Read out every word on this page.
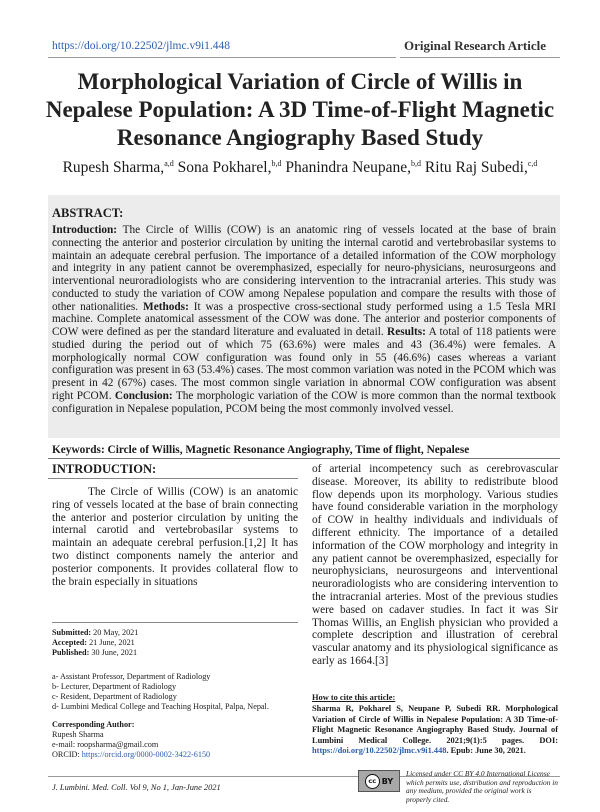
https://doi.org/10.22502/jlmc.v9i1.448	Original Research Article
Morphological Variation of Circle of Willis in Nepalese Population: A 3D Time-of-Flight Magnetic Resonance Angiography Based Study
Rupesh Sharma,$^{a,d}$ Sona Pokharel,$^{b,d}$ Phanindra Neupane,$^{b,d}$ Ritu Raj Subedi,$^{c,d}$
ABSTRACT:
Introduction: The Circle of Willis (COW) is an anatomic ring of vessels located at the base of brain connecting the anterior and posterior circulation by uniting the internal carotid and vertebrobasilar systems to maintain an adequate cerebral perfusion. The importance of a detailed information of the COW morphology and integrity in any patient cannot be overemphasized, especially for neuro-physicians, neurosurgeons and interventional neuroradiologists who are considering intervention to the intracranial arteries. This study was conducted to study the variation of COW among Nepalese population and compare the results with those of other nationalities. Methods: It was a prospective cross-sectional study performed using a 1.5 Tesla MRI machine. Complete anatomical assessment of the COW was done. The anterior and posterior components of COW were defined as per the standard literature and evaluated in detail. Results: A total of 118 patients were studied during the period out of which 75 (63.6%) were males and 43 (36.4%) were females. A morphologically normal COW configuration was found only in 55 (46.6%) cases whereas a variant configuration was present in 63 (53.4%) cases. The most common variation was noted in the PCOM which was present in 42 (67%) cases. The most common single variation in abnormal COW configuration was absent right PCOM. Conclusion: The morphologic variation of the COW is more common than the normal textbook configuration in Nepalese population, PCOM being the most commonly involved vessel.
Keywords: Circle of Willis, Magnetic Resonance Angiography, Time of flight, Nepalese
INTRODUCTION:
The Circle of Willis (COW) is an anatomic ring of vessels located at the base of brain connecting the anterior and posterior circulation by uniting the internal carotid and vertebrobasilar systems to maintain an adequate cerebral perfusion.[1,2] It has two distinct components namely the anterior and posterior components. It provides collateral flow to the brain especially in situations
of arterial incompetency such as cerebrovascular disease. Moreover, its ability to redistribute blood flow depends upon its morphology. Various studies have found considerable variation in the morphology of COW in healthy individuals and individuals of different ethnicity. The importance of a detailed information of the COW morphology and integrity in any patient cannot be overemphasized, especially for neurophysicians, neurosurgeons and interventional neuroradiologists who are considering intervention to the intracranial arteries. Most of the previous studies were based on cadaver studies. In fact it was Sir Thomas Willis, an English physician who provided a complete description and illustration of cerebral vascular anatomy and its physiological significance as early as 1664.[3]
Submitted: 20 May, 2021
Accepted: 21 June, 2021
Published: 30 June, 2021
a- Assistant Professor, Department of Radiology
b- Lecturer, Department of Radiology
c- Resident, Department of Radiology
d- Lumbini Medical College and Teaching Hospital, Palpa, Nepal.
Corresponding Author:
Rupesh Sharma
e-mail: roopsharma@gmail.com
ORCID: https://orcid.org/0000-0002-3422-6150
How to cite this article:
Sharma R, Pokharel S, Neupane P, Subedi RR. Morphological Variation of Circle of Willis in Nepalese Population: A 3D Time-of-Flight Magnetic Resonance Angiography Based Study. Journal of Lumbini Medical College. 2021;9(1):5 pages. DOI: https://doi.org/10.22502/jlmc.v9i1.448. Epub: June 30, 2021.
J. Lumbini. Med. Coll. Vol 9, No 1, Jan-June 2021
cc BY
Licensed under CC BY 4.0 International License which permits use, distribution and reproduction in any medium, provided the original work is properly cited.
